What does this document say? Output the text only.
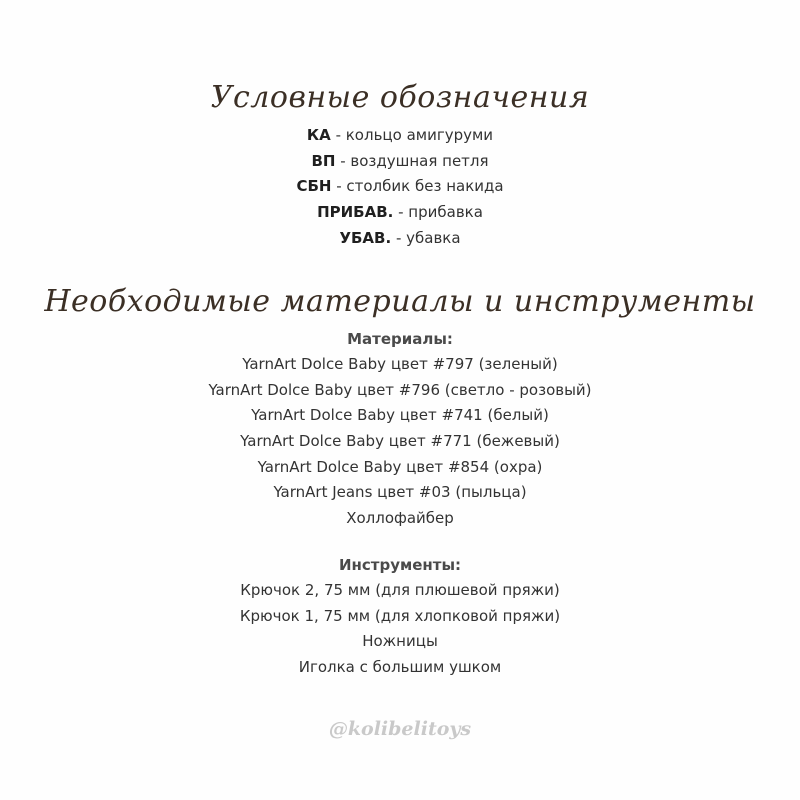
Условные обозначения
КА - кольцо амигуруми
ВП - воздушная петля
СБН - столбик без накида
ПРИБАВ. - прибавка
УБАВ. - убавка
Необходимые материалы и инструменты
Материалы:
YarnArt Dolce Baby цвет #797 (зеленый)
YarnArt Dolce Baby цвет #796 (светло - розовый)
YarnArt Dolce Baby цвет #741 (белый)
YarnArt Dolce Baby цвет #771 (бежевый)
YarnArt Dolce Baby цвет #854 (охра)
YarnArt Jeans цвет #03 (пыльца)
Холлофайбер
Инструменты:
Крючок 2, 75 мм (для плюшевой пряжи)
Крючок 1, 75 мм (для хлопковой пряжи)
Ножницы
Иголка с большим ушком
@kolibelitoys
